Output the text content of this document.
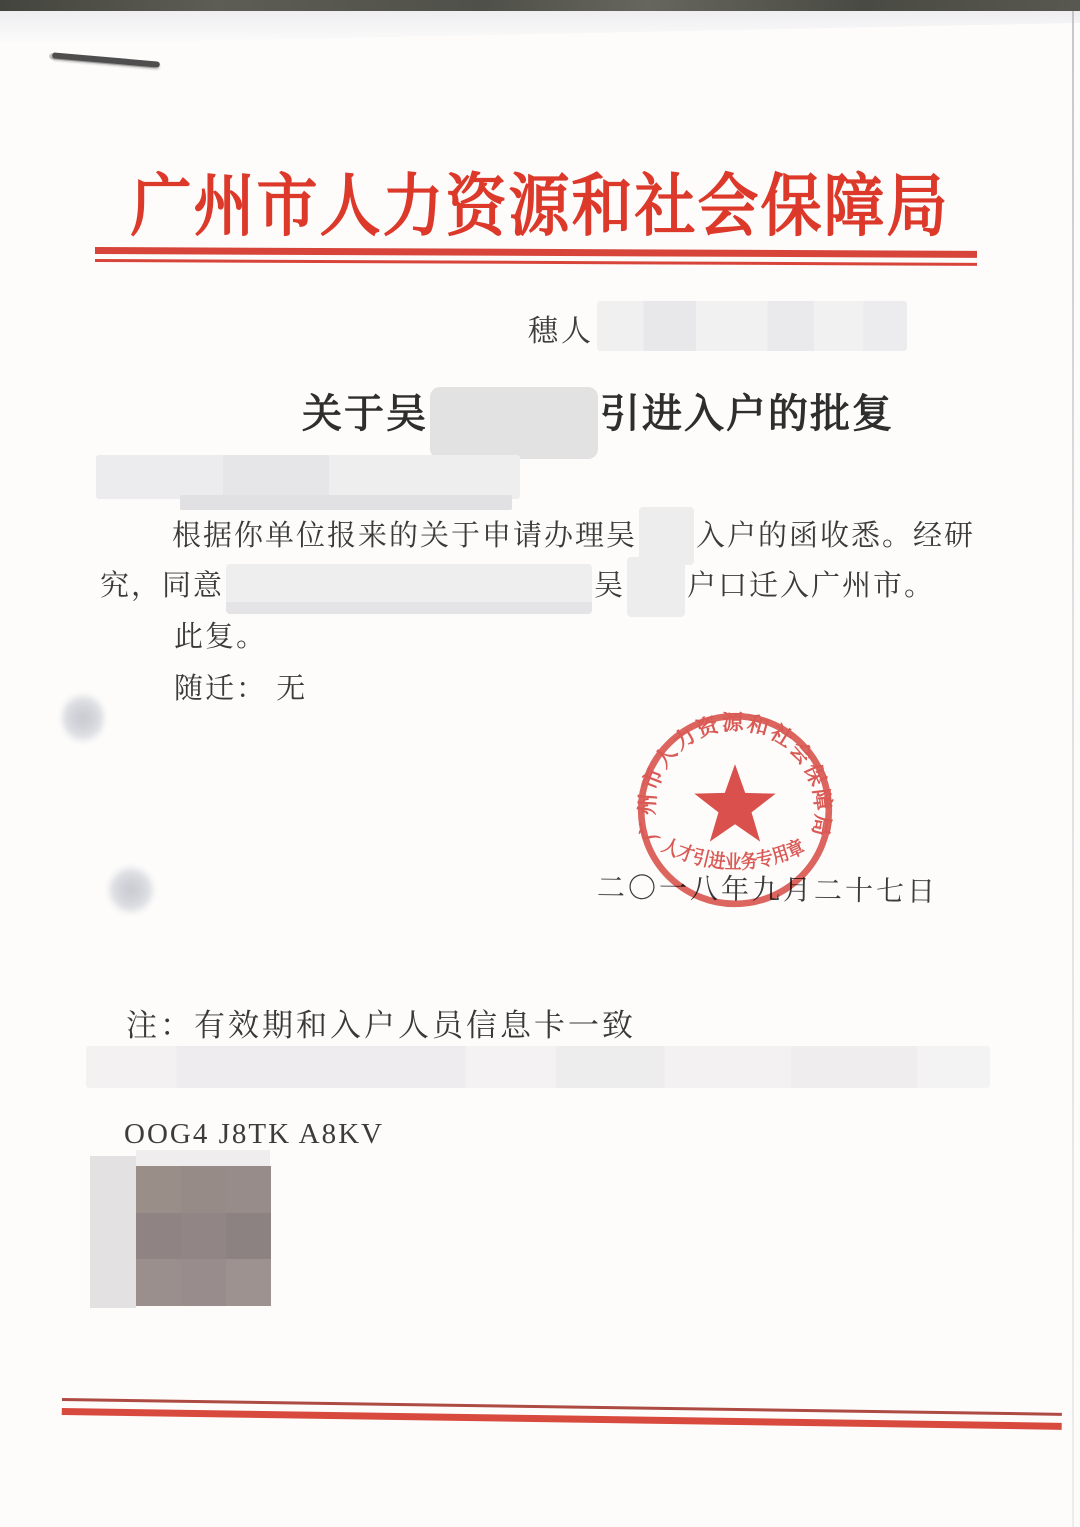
广州市人力资源和社会保障局
穗人
关于吴	引进入户的批复
根据你单位报来的关于申请办理吴 入户的函收悉。经研
究，同意	吴 户口迁入广州市。
此复。
随迁： 无
二〇一八年九月二十七日
广州市人力资源和社会保障局
人才引进业务专用章
注：有效期和入户人员信息卡一致
OOG4 J8TK A8KV
